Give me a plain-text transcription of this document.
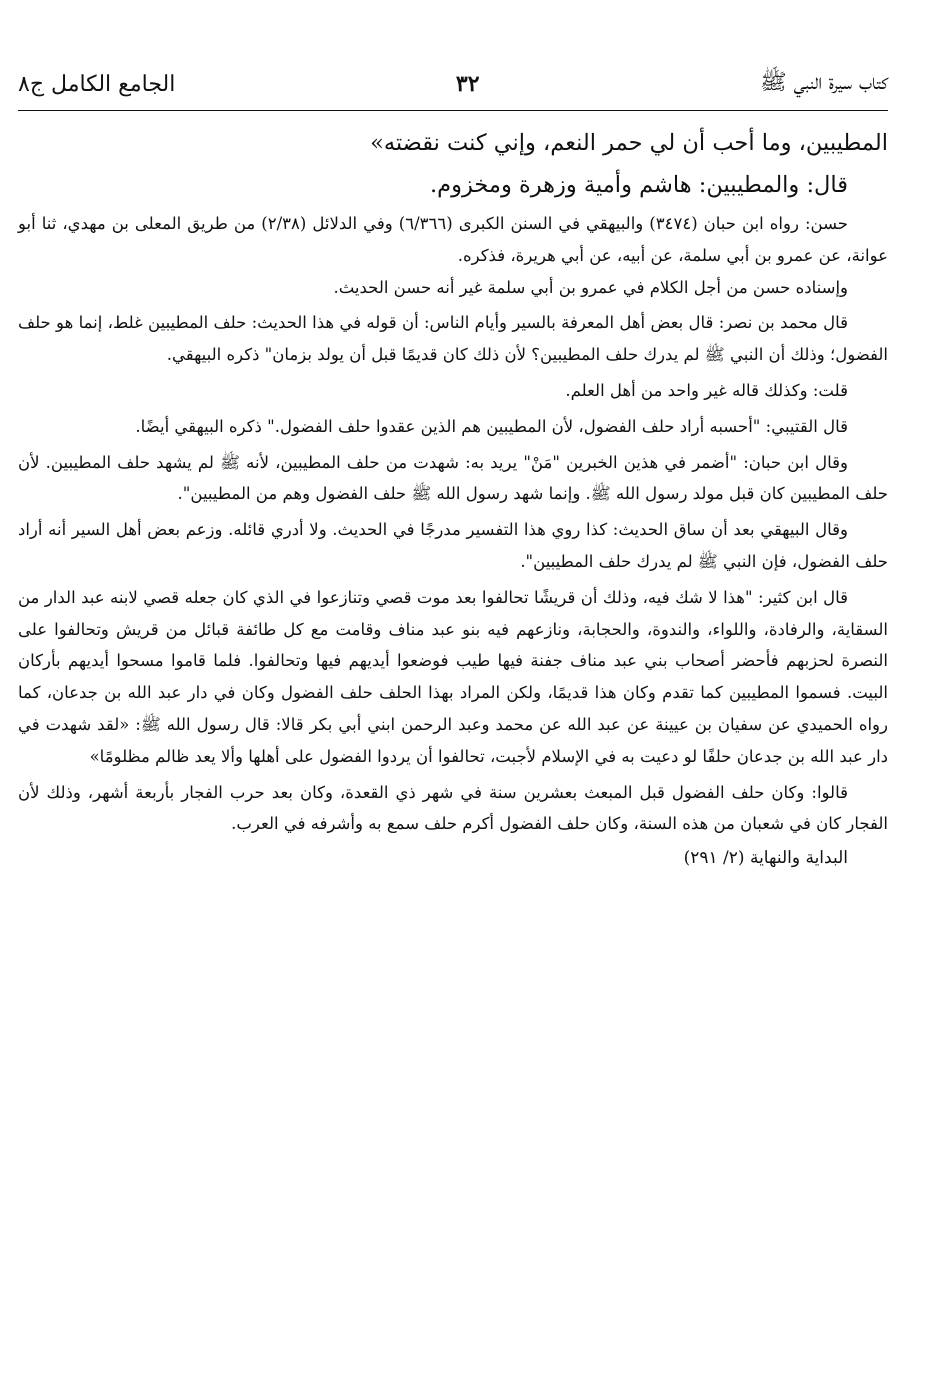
كتاب سيرة النبي ﷺ
٣٢
الجامع الكامل ج٨

المطيبين، وما أحب أن لي حمر النعم، وإني كنت نقضته»

قال: والمطيبين: هاشم وأمية وزهرة ومخزوم.

حسن: رواه ابن حبان (٣٤٧٤) والبيهقي في السنن الكبرى (٦/٣٦٦) وفي الدلائل (٢/٣٨) من طريق المعلى بن مهدي، ثنا أبو عوانة، عن عمرو بن أبي سلمة، عن أبيه، عن أبي هريرة، فذكره.

وإسناده حسن من أجل الكلام في عمرو بن أبي سلمة غير أنه حسن الحديث.

قال محمد بن نصر: قال بعض أهل المعرفة بالسير وأيام الناس: أن قوله في هذا الحديث: حلف المطيبين غلط، إنما هو حلف الفضول؛ وذلك أن النبي ﷺ لم يدرك حلف المطيبين؟ لأن ذلك كان قديمًا قبل أن يولد بزمان" ذكره البيهقي.

قلت: وكذلك قاله غير واحد من أهل العلم.

قال القتيبي: "أحسبه أراد حلف الفضول، لأن المطيبين هم الذين عقدوا حلف الفضول." ذكره البيهقي أيضًا.

وقال ابن حبان: "أضمر في هذين الخبرين "مَنْ" يريد به: شهدت من حلف المطيبين، لأنه ﷺ لم يشهد حلف المطيبين. لأن حلف المطيبين كان قبل مولد رسول الله ﷺ. وإنما شهد رسول الله ﷺ حلف الفضول وهم من المطيبين".

وقال البيهقي بعد أن ساق الحديث: كذا روي هذا التفسير مدرجًا في الحديث. ولا أدري قائله. وزعم بعض أهل السير أنه أراد حلف الفضول، فإن النبي ﷺ لم يدرك حلف المطيبين".

قال ابن كثير: "هذا لا شك فيه، وذلك أن قريشًا تحالفوا بعد موت قصي وتنازعوا في الذي كان جعله قصي لابنه عبد الدار من السقاية، والرفادة، واللواء، والندوة، والحجابة، ونازعهم فيه بنو عبد مناف وقامت مع كل طائفة قبائل من قريش وتحالفوا على النصرة لحزبهم فأحضر أصحاب بني عبد مناف جفنة فيها طيب فوضعوا أيديهم فيها وتحالفوا. فلما قاموا مسحوا أيديهم بأركان البيت. فسموا المطيبين كما تقدم وكان هذا قديمًا، ولكن المراد بهذا الحلف حلف الفضول وكان في دار عبد الله بن جدعان، كما رواه الحميدي عن سفيان بن عيينة عن عبد الله عن محمد وعبد الرحمن ابني أبي بكر قالا: قال رسول الله ﷺ: «لقد شهدت في دار عبد الله بن جدعان حلفًا لو دعيت به في الإسلام لأجبت، تحالفوا أن يردوا الفضول على أهلها وألا يعد ظالم مظلومًا»

قالوا: وكان حلف الفضول قبل المبعث بعشرين سنة في شهر ذي القعدة، وكان بعد حرب الفجار بأربعة أشهر، وذلك لأن الفجار كان في شعبان من هذه السنة، وكان حلف الفضول أكرم حلف سمع به وأشرفه في العرب.

البداية والنهاية (٢/ ٢٩١)
